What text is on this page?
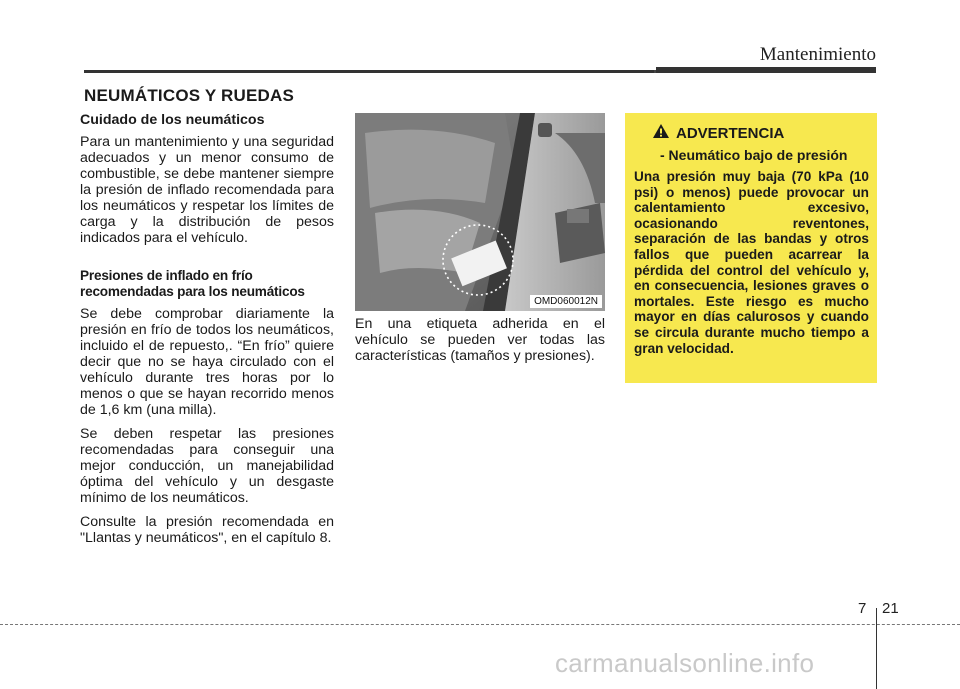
Mantenimiento
NEUMÁTICOS Y RUEDAS
Cuidado de los neumáticos

Para un mantenimiento y una seguridad adecuados y un menor consumo de combustible, se debe mantener siempre la presión de inflado recomendada para los neumáticos y respetar los límites de carga y la distribución de pesos indicados para el vehículo.

Presiones de inflado en frío
recomendadas para los neumáticos

Se debe comprobar diariamente la presión en frío de todos los neumáticos, incluido el de repuesto,. “En frío” quiere decir que no se haya circulado con el vehículo durante tres horas por lo menos o que se hayan recorrido menos de 1,6 km (una milla).

Se deben respetar las presiones recomendadas para conseguir una mejor conducción, un manejabilidad óptima del vehículo y un desgaste mínimo de los neumáticos.

Consulte la presión recomendada en "Llantas y neumáticos", en el capítulo 8.

OMD060012N

En una etiqueta adherida en el vehículo se pueden ver todas las características (tamaños y presiones).

ADVERTENCIA
- Neumático bajo de presión

Una presión muy baja (70 kPa (10 psi) o menos) puede provocar un calentamiento excesivo, ocasionando reventones, separación de las bandas y otros fallos que pueden acarrear la pérdida del control del vehículo y, en consecuencia, lesiones graves o mortales. Este riesgo es mucho mayor en días calurosos y cuando se circula durante mucho tiempo a gran velocidad.

7 21
carmanualsonline.info
